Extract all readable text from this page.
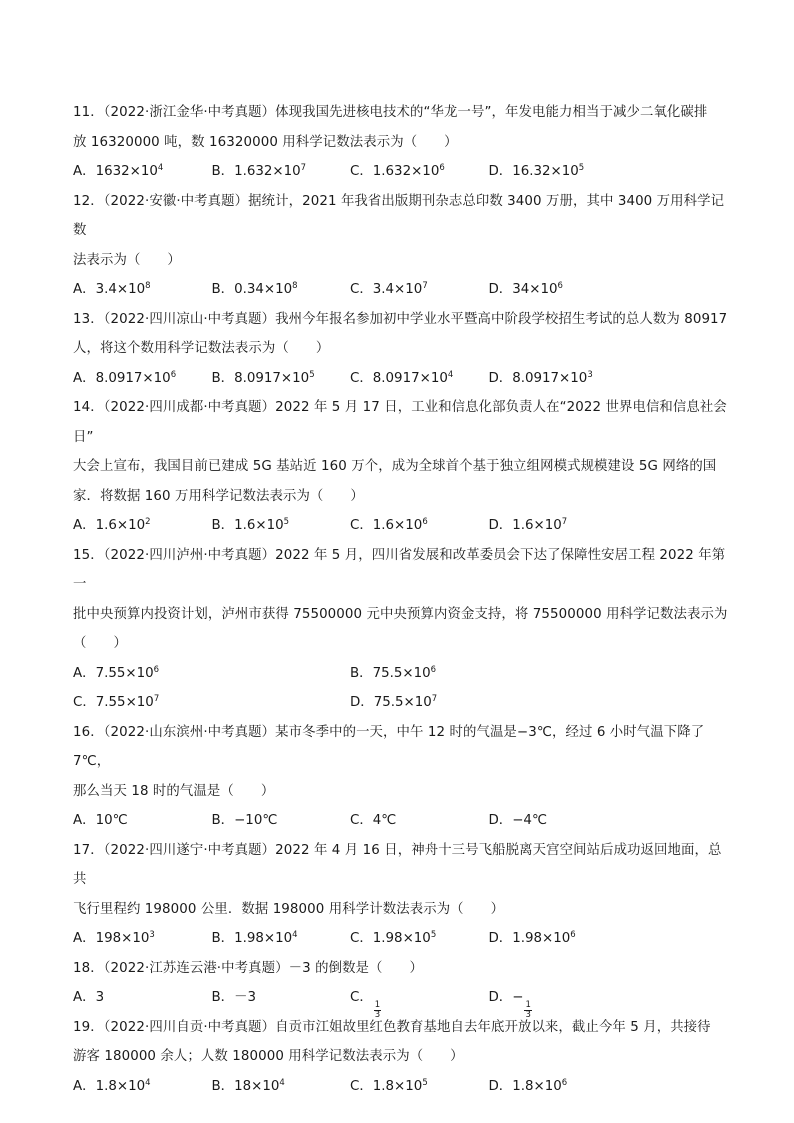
11．（2022·浙江金华·中考真题）体现我国先进核电技术的“华龙一号”，年发电能力相当于减少二氧化碳排

放 16320000 吨，数 16320000 用科学记数法表示为（　　）

A．$1632\times 10^4$	B．$1.632\times 10^7$	C．$1.632\times 10^6$	D．$16.32\times 10^5$

12．（2022·安徽·中考真题）据统计，2021 年我省出版期刊杂志总印数 3400 万册，其中 3400 万用科学记数

法表示为（　　）

A．$3.4\times 10^8$	B．$0.34\times 10^8$	C．$3.4\times 10^7$	D．$34\times 10^6$

13．（2022·四川凉山·中考真题）我州今年报名参加初中学业水平暨高中阶段学校招生考试的总人数为 80917

人，将这个数用科学记数法表示为（　　）

A．$8.0917\times 10^6$	B．$8.0917\times 10^5$	C．$8.0917\times 10^4$	D．$8.0917\times 10^3$

14．（2022·四川成都·中考真题）2022 年 5 月 17 日，工业和信息化部负责人在“2022 世界电信和信息社会日”

大会上宣布，我国目前已建成 5G 基站近 160 万个，成为全球首个基于独立组网模式规模建设 5G 网络的国

家．将数据 160 万用科学记数法表示为（　　）

A．$1.6\times 10^2$	B．$1.6\times 10^5$	C．$1.6\times 10^6$	D．$1.6\times 10^7$

15．（2022·四川泸州·中考真题）2022 年 5 月，四川省发展和改革委员会下达了保障性安居工程 2022 年第一

批中央预算内投资计划，泸州市获得 75500000 元中央预算内资金支持，将 75500000 用科学记数法表示为

（　　）

A．$7.55\times 10^6$	B．$75.5\times 10^6$
C．$7.55\times 10^7$	D．$75.5\times 10^7$

16．（2022·山东滨州·中考真题）某市冬季中的一天，中午 12 时的气温是−3℃，经过 6 小时气温下降了 7℃，

那么当天 18 时的气温是（　　）

A．10℃	B．−10℃	C．4℃	D．−4℃

17．（2022·四川遂宁·中考真题）2022 年 4 月 16 日，神舟十三号飞船脱离天宫空间站后成功返回地面，总共

飞行里程约 198000 公里．数据 198000 用科学计数法表示为（　　）

A．$198\times 10^3$	B．$1.98\times 10^4$	C．$1.98\times 10^5$	D．$1.98\times 10^6$

18．（2022·江苏连云港·中考真题）－3 的倒数是（　　）

A．3	B．－3	C．
$\frac{1}{3}$
D．−
$\frac{1}{3}$

19．（2022·四川自贡·中考真题）自贡市江姐故里红色教育基地自去年底开放以来，截止今年 5 月，共接待

游客 180000 余人；人数 180000 用科学记数法表示为（　　）

A．$1.8\times 10^4$	B．$18\times 10^4$	C．$1.8\times 10^5$	D．$1.8\times 10^6$
